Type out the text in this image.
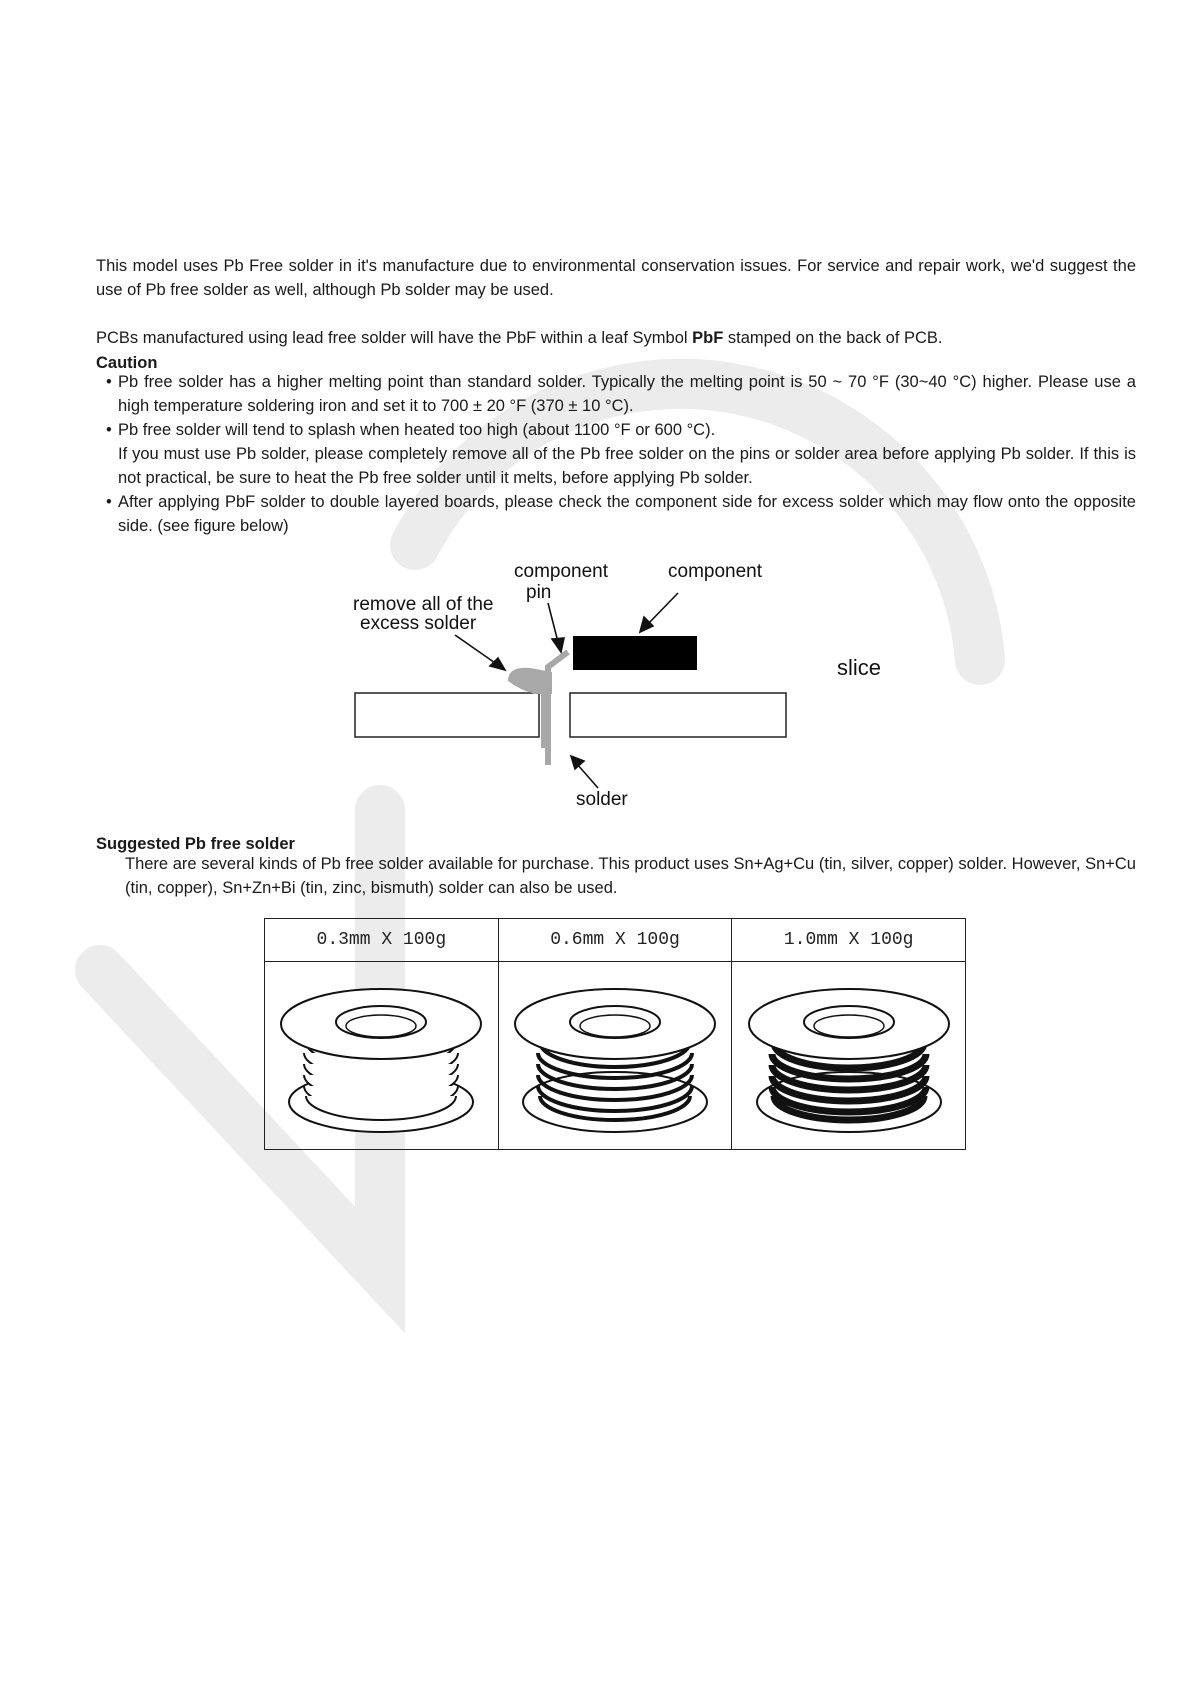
This model uses Pb Free solder in it's manufacture due to environmental conservation issues. For service and repair work, we'd suggest the use of Pb free solder as well, although Pb solder may be used.

PCBs manufactured using lead free solder will have the PbF within a leaf Symbol PbF stamped on the back of PCB.

Caution
• Pb free solder has a higher melting point than standard solder. Typically the melting point is 50 ~ 70 °F (30~40 °C) higher. Please use a high temperature soldering iron and set it to 700 ± 20 °F (370 ± 10 °C).
• Pb free solder will tend to splash when heated too high (about 1100 °F or 600 °C).
If you must use Pb solder, please completely remove all of the Pb free solder on the pins or solder area before applying Pb solder. If this is not practical, be sure to heat the Pb free solder until it melts, before applying Pb solder.
• After applying PbF solder to double layered boards, please check the component side for excess solder which may flow onto the opposite side. (see figure below)
component
pin
component
remove all of the
excess solder
slice
solder
Suggested Pb free solder

There are several kinds of Pb free solder available for purchase. This product uses Sn+Ag+Cu (tin, silver, copper) solder. However, Sn+Cu (tin, copper), Sn+Zn+Bi (tin, zinc, bismuth) solder can also be used.

0.3mm X 100g	0.6mm X 100g	1.0mm X 100g
